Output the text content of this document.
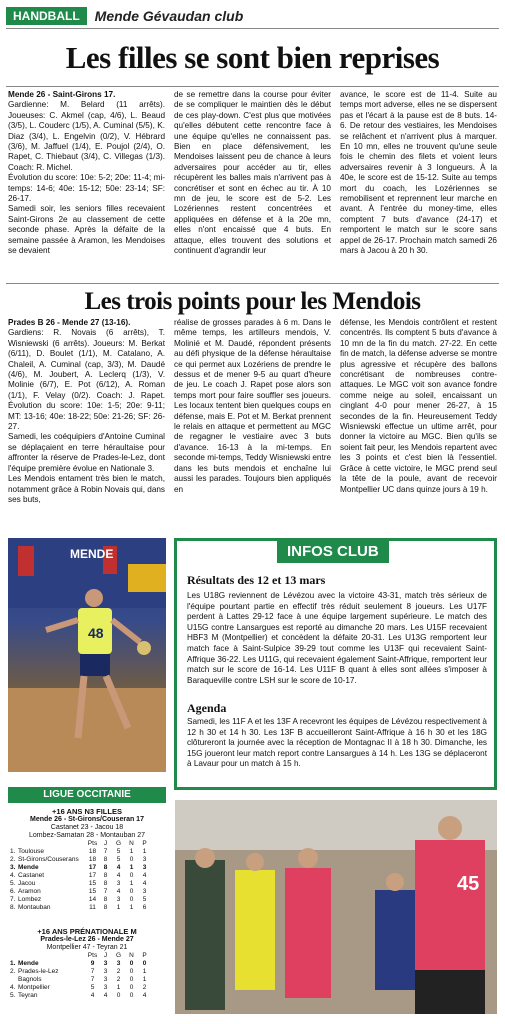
HANDBALL	Mende Gévaudan club
Les filles se sont bien reprises

Mende 26 - Saint-Girons 17.

Gardienne: M. Belard (11 arrêts). Joueuses: C. Akmel (cap, 4/6), L. Beaud (3/5), L. Couderc (1/5), A. Cuminal (5/5), K. Diaz (3/4), L. Engelvin (0/2), V. Hébrard (3/6), M. Jaffuel (1/4), E. Poujol (2/4), O. Rapet, C. Thiebaut (3/4), C. Villegas (1/3). Coach: R. Michel.

Évolution du score: 10e: 5-2; 20e: 11-4; mi-temps: 14-6; 40e: 15-12; 50e: 23-14; SF: 26-17.

Samedi soir, les seniors filles recevaient Saint-Girons 2e au classement de cette seconde phase. Après la défaite de la semaine passée à Aramon, les Mendoises se devaient

de se remettre dans la course pour éviter de se compliquer le maintien dès le début de ces play-down. C'est plus que motivées qu'elles débutent cette rencontre face à une équipe qu'elles ne connaissent pas. Bien en place défensivement, les Mendoises laissent peu de chance à leurs adversaires pour accéder au tir, elles récupèrent les balles mais n'arrivent pas à concrétiser et sont en échec au tir. À 10 mn de jeu, le score est de 5-2. Les Lozériennes restent concentrées et appliquées en défense et à la 20e mn, elles n'ont encaissé que 4 buts. En attaque, elles trouvent des solutions et continuent d'agrandir leur
avance, le score est de 11-4. Suite au temps mort adverse, elles ne se dispersent pas et l'écart à la pause est de 8 buts. 14-6. De retour des vestiaires, les Mendoises se relâchent et n'arrivent plus à marquer. En 10 mn, elles ne trouvent qu'une seule fois le chemin des filets et voient leurs adversaires revenir à 3 longueurs. À la 40e, le score est de 15-12. Suite au temps mort du coach, les Lozériennes se remobilisent et reprennent leur marche en avant. À l'entrée du money-time, elles comptent 7 buts d'avance (24-17) et remportent le match sur le score sans appel de 26-17. Prochain match samedi 26 mars à Jacou à 20 h 30.
Les trois points pour les Mendois

Prades B 26 - Mende 27 (13-16).

Gardiens: R. Novais (6 arrêts), T. Wisniewski (6 arrêts). Joueurs: M. Berkat (6/11), D. Boulet (1/1), M. Catalano, A. Chaleil, A. Cuminal (cap, 3/3), M. Daudé (4/6), M. Joubert, A. Leclerq (1/3), V. Molinie (6/7), E. Pot (6/12), A. Roman (1/1), F. Velay (0/2). Coach: J. Rapet. Évolution du score: 10e: 1-5; 20e: 9-11; MT: 13-16; 40e: 18-22; 50e: 21-26; SF: 26-27.

Samedi, les coéquipiers d'Antoine Cuminal se déplaçaient en terre héraultaise pour affronter la réserve de Prades-le-Lez, dont l'équipe première évolue en Nationale 3.

Les Mendois entament très bien le match, notamment grâce à Robin Novais qui, dans ses buts,

réalise de grosses parades à 6 m. Dans le même temps, les artilleurs mendois, V. Molinié et M. Daudé, répondent présents au défi physique de la défense héraultaise ce qui permet aux Lozériens de prendre le dessus et de mener 9-5 au quart d'heure de jeu. Le coach J. Rapet pose alors son temps mort pour faire souffler ses joueurs. Les locaux tentent bien quelques coups en défense, mais E. Pot et M. Berkat prennent le relais en attaque et permettent au MGC de regagner le vestiaire avec 3 buts d'avance. 16-13 à la mi-temps. En seconde mi-temps, Teddy Wisniewski entre dans les buts mendois et enchaîne lui aussi les parades. Toujours bien appliqués en
défense, les Mendois contrôlent et restent concentrés. Ils comptent 5 buts d'avance à 10 mn de la fin du match. 27-22. En cette fin de match, la défense adverse se montre plus agressive et récupère des ballons concrétisant de nombreuses contre-attaques. Le MGC voit son avance fondre comme neige au soleil, encaissant un cinglant 4-0 pour mener 26-27, à 15 secondes de la fin. Heureusement Teddy Wisniewski effectue un ultime arrêt, pour donner la victoire au MGC. Bien qu'ils se soient fait peur, les Mendois repartent avec les 3 points et c'est bien là l'essentiel. Grâce à cette victoire, le MGC prend seul la tête de la poule, avant de recevoir Montpellier UC dans quinze jours à 19 h.
MENDE
48
INFOS CLUB
Résultats des 12 et 13 mars
Les U18G reviennent de Lévézou avec la victoire 43-31, match très sérieux de l'équipe pourtant partie en effectif très réduit seulement 8 joueurs. Les U17F perdent à Lattes 29-12 face à une équipe largement supérieure. Le match des U15G contre Lansargues est reporté au dimanche 20 mars. Les U15F recevaient HBF3 M (Montpellier) et concèdent la défaite 20-31. Les U13G remportent leur match face à Saint-Sulpice 39-29 tout comme les U13F qui recevaient Saint-Affrique 36-22. Les U11G, qui recevaient également Saint-Affrique, remportent leur match sur le score de 16-14. Les U11F B quant à elles sont allées s'imposer à Baraqueville contre LSH sur le score de 10-17.
Agenda
Samedi, les 11F A et les 13F A recevront les équipes de Lévézou respectivement à 12 h 30 et 14 h 30. Les 13F B accueilleront Saint-Affrique à 16 h 30 et les 18G clôtureront la journée avec la réception de Montagnac II à 18 h 30. Dimanche, les 15G joueront leur match report contre Lansargues à 14 h. Les 13G se déplaceront à Lavaur pour un match à 15 h.
LIGUE OCCITANIE
+16 ANS N3 FILLES
Mende 26 - St-Girons/Couseran 17
Castanet 23 - Jacou 18
Lombez-Samatan 28 - Montauban 27
Pts	J	G	N	P
1. Toulouse	18	7	5	1	1
2. St-Girons/Couserans	18	8	5	0	3
3. Mende	17	8	4	1	3
4. Castanet	17	8	4	0	4
5. Jacou	15	8	3	1	4
6. Aramon	15	7	4	0	3
7. Lombez	14	8	3	0	5
8. Montauban	11	8	1	1	6
+16 ANS PRÉNATIONALE M
Prades-le-Lez 26 - Mende 27
Montpellier 47 - Teyran 21
Pts	J	G	N	P
1. Mende	9	3	3	0	0
2. Prades-le-Lez	7	3	2	0	1
Bagnols	7	3	2	0	1
4. Montpellier	5	3	1	0	2
5. Teyran	4	4	0	0	4
45
